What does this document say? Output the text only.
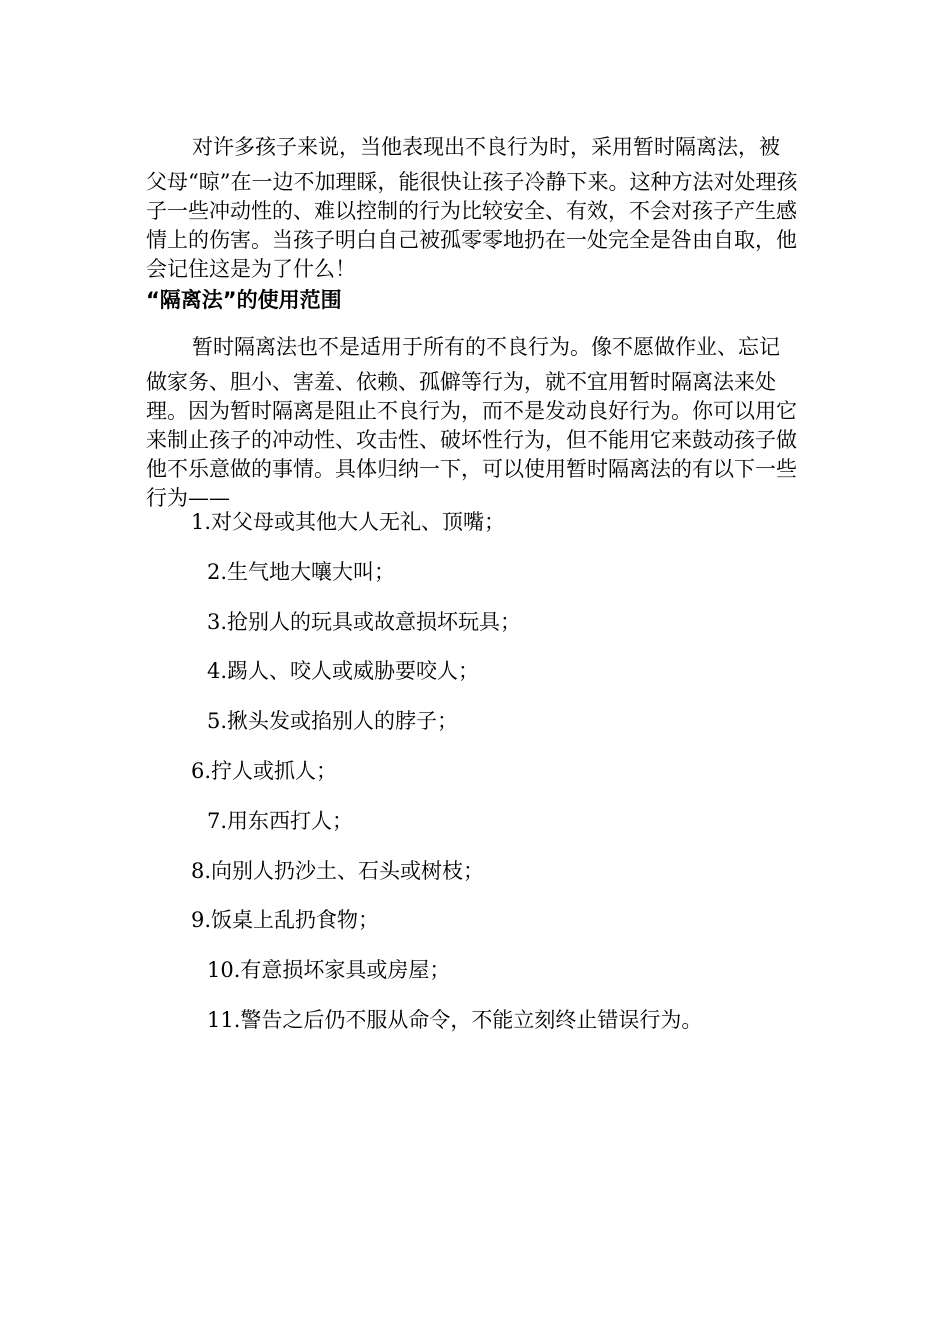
对许多孩子来说，当他表现出不良行为时，采用暂时隔离法，被
父母“晾”在一边不加理睬，能很快让孩子冷静下来。这种方法对处理孩子一些冲动性的、难以控制的行为比较安全、有效，不会对孩子产生感情上的伤害。当孩子明白自己被孤零零地扔在一处完全是咎由自取，他会记住这是为了什么！
“隔离法”的使用范围
暂时隔离法也不是适用于所有的不良行为。像不愿做作业、忘记
做家务、胆小、害羞、依赖、孤僻等行为，就不宜用暂时隔离法来处理。因为暂时隔离是阻止不良行为，而不是发动良好行为。你可以用它来制止孩子的冲动性、攻击性、破坏性行为，但不能用它来鼓动孩子做他不乐意做的事情。具体归纳一下，可以使用暂时隔离法的有以下一些行为——
1.对父母或其他大人无礼、顶嘴；
2.生气地大嚷大叫；
3.抢别人的玩具或故意损坏玩具；
4.踢人、咬人或威胁要咬人；
5.揪头发或掐别人的脖子；
6.拧人或抓人；
7.用东西打人；
8.向别人扔沙土、石头或树枝；
9.饭桌上乱扔食物；
10.有意损坏家具或房屋；
11.警告之后仍不服从命令，不能立刻终止错误行为。
